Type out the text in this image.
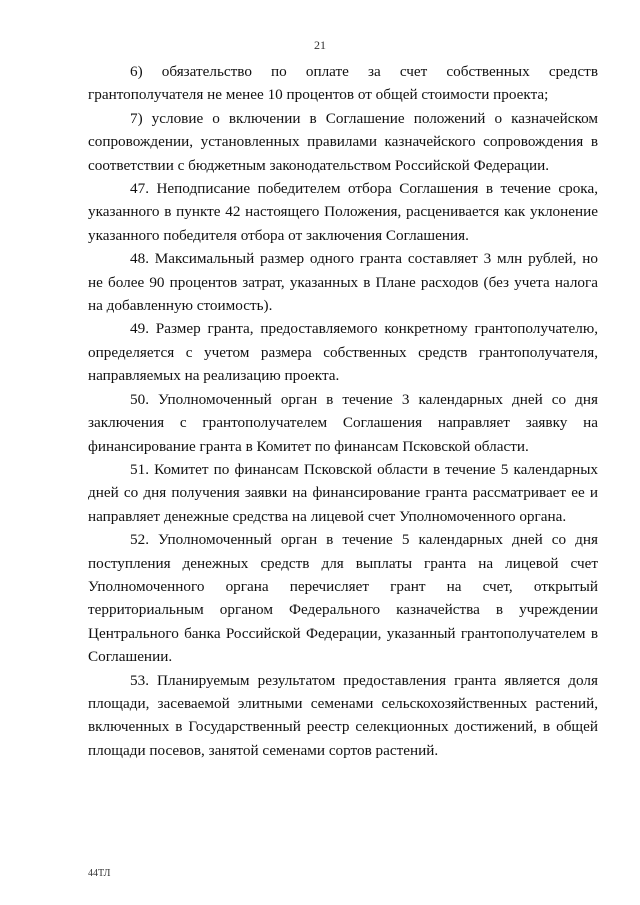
21

6) обязательство по оплате за счет собственных средств грантополучателя не менее 10 процентов от общей стоимости проекта;

7) условие о включении в Соглашение положений о казначейском сопровождении, установленных правилами казначейского сопровождения в соответствии с бюджетным законодательством Российской Федерации.

47. Неподписание победителем отбора Соглашения в течение срока, указанного в пункте 42 настоящего Положения, расценивается как уклонение указанного победителя отбора от заключения Соглашения.

48. Максимальный размер одного гранта составляет 3 млн рублей, но не более 90 процентов затрат, указанных в Плане расходов (без учета налога на добавленную стоимость).

49. Размер гранта, предоставляемого конкретному грантополучателю, определяется с учетом размера собственных средств грантополучателя, направляемых на реализацию проекта.

50. Уполномоченный орган в течение 3 календарных дней со дня заключения с грантополучателем Соглашения направляет заявку на финансирование гранта в Комитет по финансам Псковской области.

51. Комитет по финансам Псковской области в течение 5 календарных дней со дня получения заявки на финансирование гранта рассматривает ее и направляет денежные средства на лицевой счет Уполномоченного органа.

52. Уполномоченный орган в течение 5 календарных дней со дня поступления денежных средств для выплаты гранта на лицевой счет Уполномоченного органа перечисляет грант на счет, открытый территориальным органом Федерального казначейства в учреждении Центрального банка Российской Федерации, указанный грантополучателем в Соглашении.

53. Планируемым результатом предоставления гранта является доля площади, засеваемой элитными семенами сельскохозяйственных растений, включенных в Государственный реестр селекционных достижений, в общей площади посевов, занятой семенами сортов растений.

44ТЛ
